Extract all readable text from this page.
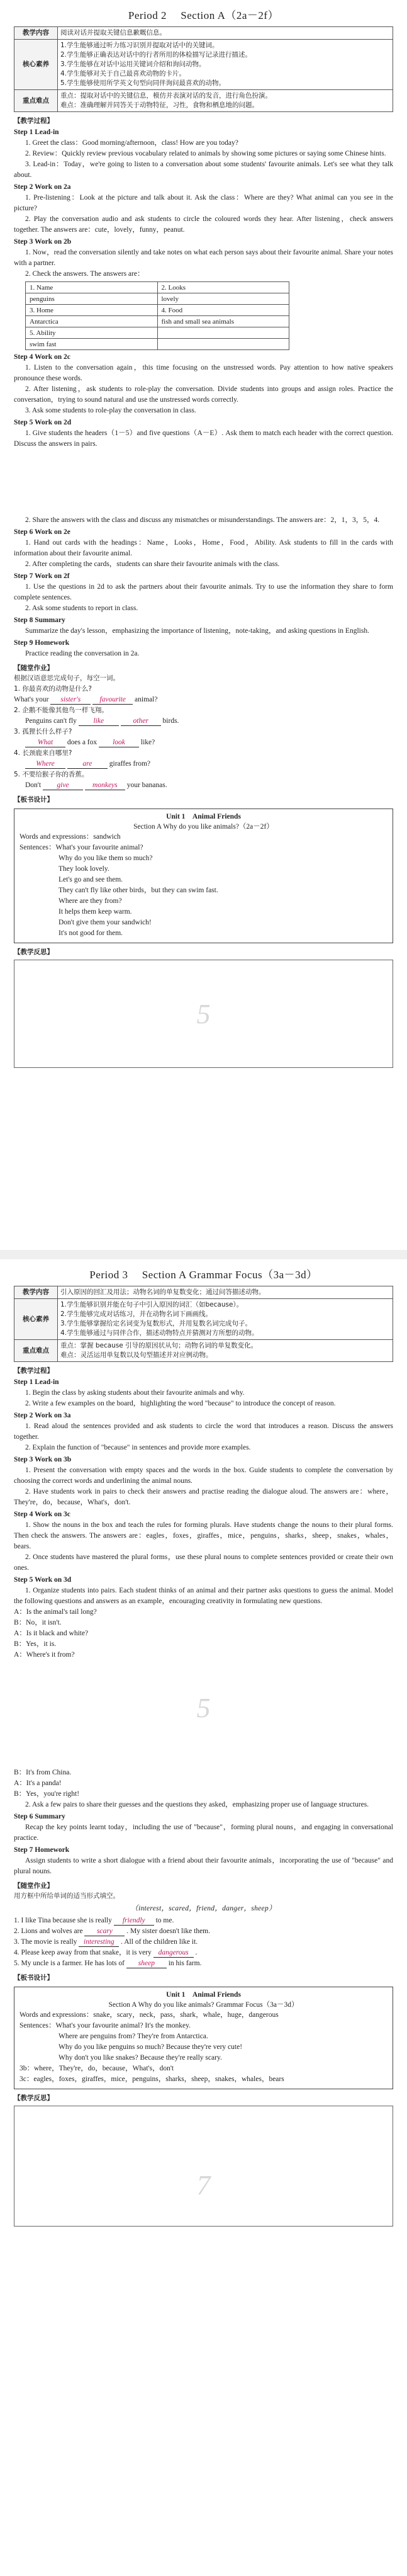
Period 2　 Section A（2a－2f）
教学内容	阅读对话并提取关键信息歉嘅信息。
核心素养	1.学生能够通过听力练习识别并提取对话中的关键词。
2.学生能够正确表达对话中的行者所用的体检描写记录进行描述。
3.学生能够在对话中运用关键词介绍和询问动物。
4.学生能够对关于自己最喜欢动物的卡片。
5.学生能够使用所学英文句型向同伴询问最喜欢的动物。

重点难点	重点：提取对话中的关键信息，模仿并表演对话的发音，进行角色扮演。
难点：准确理解并同答关于动物特征，习性，食物和栖息地的问题。
【教学过程】
Step 1 Lead-in
1. Greet the class：Good morning/afternoon，class! How are you today?
2. Review：Quickly review previous vocabulary related to animals by showing some pictures or saying some Chinese hints.
3. Lead-in：Today，we're going to listen to a conversation about some students' favourite animals. Let's see what they talk about.
Step 2 Work on 2a
1. Pre-listening：Look at the picture and talk about it. Ask the class：Where are they? What animal can you see in the picture?
2. Play the conversation audio and ask students to circle the coloured words they hear. After listening，check answers together. The answers are：cute，lovely，funny，peanut.
Step 3 Work on 2b
1. Now，read the conversation silently and take notes on what each person says about their favourite animal. Share your notes with a partner.
2. Check the answers. The answers are：
1. Name	2. Looks
penguins	lovely
3. Home	4. Food
Antarctica	fish and small sea animals
5. Ability	
swim fast	
Step 4 Work on 2c
1. Listen to the conversation again，this time focusing on the unstressed words. Pay attention to how native speakers pronounce these words.
2. After listening，ask students to role-play the conversation. Divide students into groups and assign roles. Practice the conversation，trying to sound natural and use the unstressed words correctly.
3. Ask some students to role-play the conversation in class.
Step 5 Work on 2d
1. Give students the headers（1－5）and five questions（A－E）. Ask them to match each header with the correct question. Discuss the answers in pairs.
2. Share the answers with the class and discuss any mismatches or misunderstandings. The answers are：2，1，3，5，4.
Step 6 Work on 2e
1. Hand out cards with the headings：Name，Looks，Home，Food，Ability. Ask students to fill in the cards with information about their favourite animal.
2. After completing the cards，students can share their favourite animals with the class.
Step 7 Work on 2f
1. Use the questions in 2d to ask the partners about their favourite animals. Try to use the information they share to form complete sentences.
2. Ask some students to report in class.
Step 8 Summary
Summarize the day's lesson，emphasizing the importance of listening，note-taking，and asking questions in English.
Step 9 Homework
Practice reading the conversation in 2a.
【随堂作业】
根据汉语意思完成句子，每空一词。
1. 你最喜欢的动物是什么?
What's your sister's	favourite animal?
2. 企鹅不能像其他鸟一样飞翔。
Penguins can't fly like	other birds.
3. 孤狸长什么样子?
What does a fox look like?
4. 长颈鹿来自哪里?
Where	are giraffes from?
5. 不要给猴子你的香蕉。
Don't give	monkeys your bananas.
【板书设计】
Unit 1　Animal Friends
Section A Why do you like animals?（2a－2f）
Words and expressions：sandwich
Sentences：What's your favourite animal?
Why do you like them so much?
They look lovely.
Let's go and see them.
They can't fly like other birds，but they can swim fast.
Where are they from?
It helps them keep warm.
Don't give them your sandwich!
It's not good for them.
【教学反思】
5
Period 3　 Section A Grammar Focus（3a－3d）
教学内容	引入原因的回汇及用法；动物名词的单复数变化；通过问答描述动物。
核心素养	1.学生能够识别并能在句子中引入原因的词汇（如because）。
2.学生能够完成对话练习，并在动物名词下画画线。
3.学生能够掌握给定名词变为复数形式，并用复数名词完成句子。
4.学生能够通过与同伴合作，描述动物特点并猜测对方所想的动物。

重点难点	重点：掌握 because 引导的原因状从句；动物名词的单复数变化。
难点：灵活运用单复数以及句型描述并对应例动物。
【教学过程】
Step 1 Lead-in
1. Begin the class by asking students about their favourite animals and why.
2. Write a few examples on the board，highlighting the word "because" to introduce the concept of reason.
Step 2 Work on 3a
1. Read aloud the sentences provided and ask students to circle the word that introduces a reason. Discuss the answers together.
2. Explain the function of "because" in sentences and provide more examples.
Step 3 Work on 3b
1. Present the conversation with empty spaces and the words in the box. Guide students to complete the conversation by choosing the correct words and underlining the animal nouns.
2. Have students work in pairs to check their answers and practise reading the dialogue aloud. The answers are：where，They're，do，because，What's，don't.
Step 4 Work on 3c
1. Show the nouns in the box and teach the rules for forming plurals. Have students change the nouns to their plural forms. Then check the answers. The answers are：eagles，foxes，giraffes，mice，penguins，sharks，sheep，snakes，whales，bears.
2. Once students have mastered the plural forms，use these plural nouns to complete sentences provided or create their own ones.
Step 5 Work on 3d
1. Organize students into pairs. Each student thinks of an animal and their partner asks questions to guess the animal. Model the following questions and answers as an example，encouraging creativity in formulating new questions.
A：Is the animal's tail long?
B：No，it isn't.
A：Is it black and white?
B：Yes，it is.
A：Where's it from?
5
B：It's from China.
A：It's a panda!
B：Yes，you're right!
2. Ask a few pairs to share their guesses and the questions they asked，emphasizing proper use of language structures.
Step 6 Summary
Recap the key points learnt today，including the use of "because"，forming plural nouns，and engaging in conversational practice.
Step 7 Homework
Assign students to write a short dialogue with a friend about their favourite animals，incorporating the use of "because" and plural nouns.
【随堂作业】
用方框中所给单词的适当形式填空。
（interest，scared，friend，danger，sheep）
1. I like Tina because she is really friendly to me.
2. Lions and wolves are scary . My sister doesn't like them.
3. The movie is really interesting . All of the children like it.
4. Please keep away from that snake，it is very dangerous .
5. My uncle is a farmer. He has lots of sheep in his farm.
【板书设计】
Unit 1　Animal Friends
Section A Why do you like animals? Grammar Focus（3a－3d）
Words and expressions：snake，scary，neck，pass，shark，whale，huge，dangerous
Sentences：What's your favourite animal? It's the monkey.
Where are penguins from? They're from Antarctica.
Why do you like penguins so much? Because they're very cute!
Why don't you like snakes? Because they're really scary.
3b：where，They're，do，because，What's，don't
3c：eagles，foxes，giraffes，mice，penguins，sharks，sheep，snakes，whales，bears
【教学反思】
7
